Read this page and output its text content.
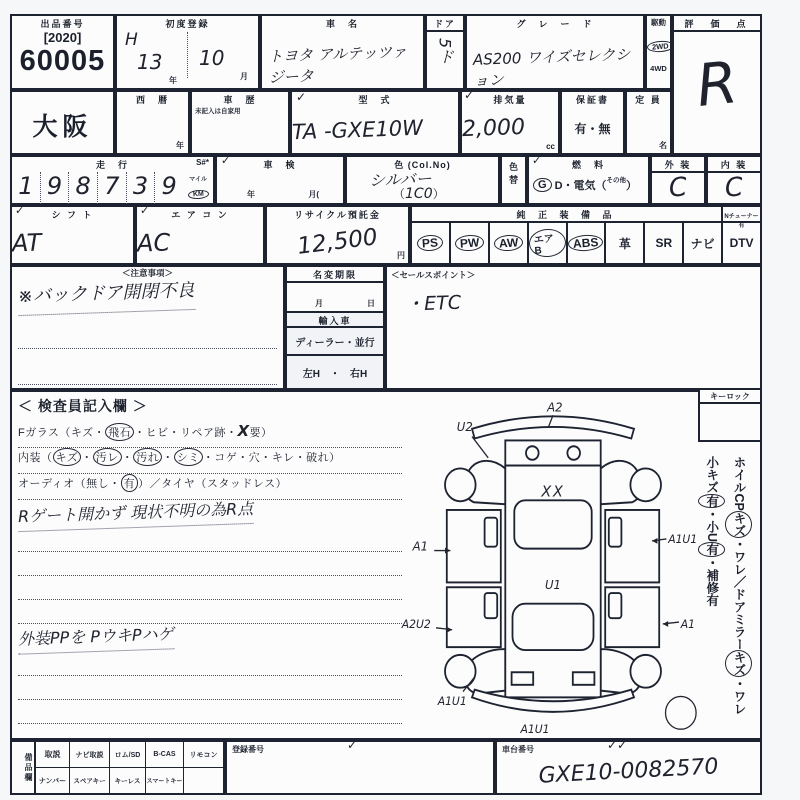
出品番号
[2020]
60005
初度登録
H
13 10
年	月
車　名
トヨタ アルテッツァジータ
ドア
5ド
グ　レ　ー　ド
AS200 ワイズセレクション
駆動
2WD
4WD
評　価　点
R
大阪
西　暦
年
車　歴
未記入は自家用
✓	型　式
TA -GXE10W
✓	排気量
2,000
cc
保証書
有・無
定 員
名
走　行	S#*
1 9 8 7 3 9	マイル
KM
✓	車　検
年	月(
色 (Col.No)
シルバー
（1C0）
色替
✓	燃　料
G D・電気（ その他 ）
外 装
C
内 装
C
✓	シ フ ト
AT
✓	エ ア コ ン
AC
リサイクル預託金
12,500	円
純 正 装 備 品	Nチューナー有
PS	PW	AW	エアB
ABS	革	SR	ナビ	DTV
＜注意事項＞
※バックドア開閉不良
名変期限
月	日
輸入車
ディーラー・並行
左H　・　右H
＜セールスポイント＞
・ETC
＜ 検査員記入欄 ＞
Fガラス（キズ・ 飛石 ・ヒビ・リペア跡・X要）
内装（ キズ ・ 汚レ ・ 汚れ ・ シミ ・コゲ・穴・キレ・破れ）
オーディオ（無し・ 有 ）／タイヤ（スタッドレス）
Rゲート開かず 現状不明の為R点
外装PPを PウキPハゲ
A2
U2
XX
A1	A1U1
A2U2	A1
U1
A1U1
A1U1
ホイルCPキズ・ワレ／ドアミラーキズ・ワレ
小キズ有・小U有・補修有
キーロック
備品欄	取説	ナビ取説	ロム/SD	B-CAS	リモコン
ナンバー	スペアキー	キーレス	スマートキー
登録番号	✓	車台番号	✓✓
GXE10-0082570
